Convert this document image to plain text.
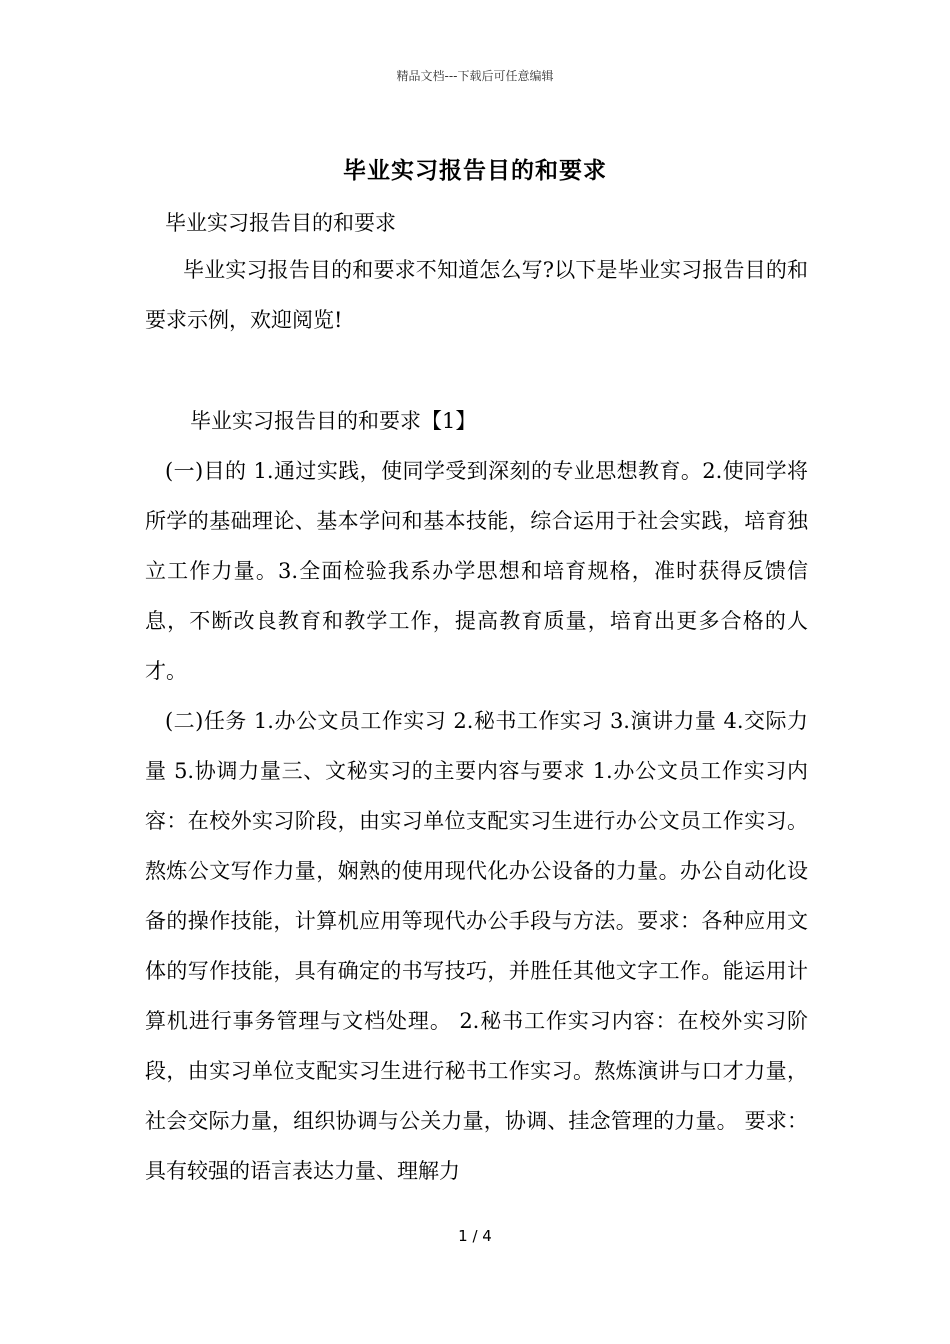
精品文档---下载后可任意编辑
毕业实习报告目的和要求
毕业实习报告目的和要求

毕业实习报告目的和要求不知道怎么写?以下是毕业实习报告目的和要求示例，欢迎阅览!

毕业实习报告目的和要求【1】

(一)目的 1.通过实践，使同学受到深刻的专业思想教育。2.使同学将所学的基础理论、基本学问和基本技能，综合运用于社会实践，培育独立工作力量。3.全面检验我系办学思想和培育规格，准时获得反馈信息，不断改良教育和教学工作，提高教育质量，培育出更多合格的人才。

(二)任务 1.办公文员工作实习 2.秘书工作实习 3.演讲力量 4.交际力量 5.协调力量三、文秘实习的主要内容与要求 1.办公文员工作实习内容：在校外实习阶段，由实习单位支配实习生进行办公文员工作实习。熬炼公文写作力量，娴熟的使用现代化办公设备的力量。办公自动化设备的操作技能，计算机应用等现代办公手段与方法。要求：各种应用文体的写作技能，具有确定的书写技巧，并胜任其他文字工作。能运用计算机进行事务管理与文档处理。 2.秘书工作实习内容：在校外实习阶段，由实习单位支配实习生进行秘书工作实习。熬炼演讲与口才力量，社会交际力量，组织协调与公关力量，协调、挂念管理的力量。 要求：具有较强的语言表达力量、理解力

1 / 4
